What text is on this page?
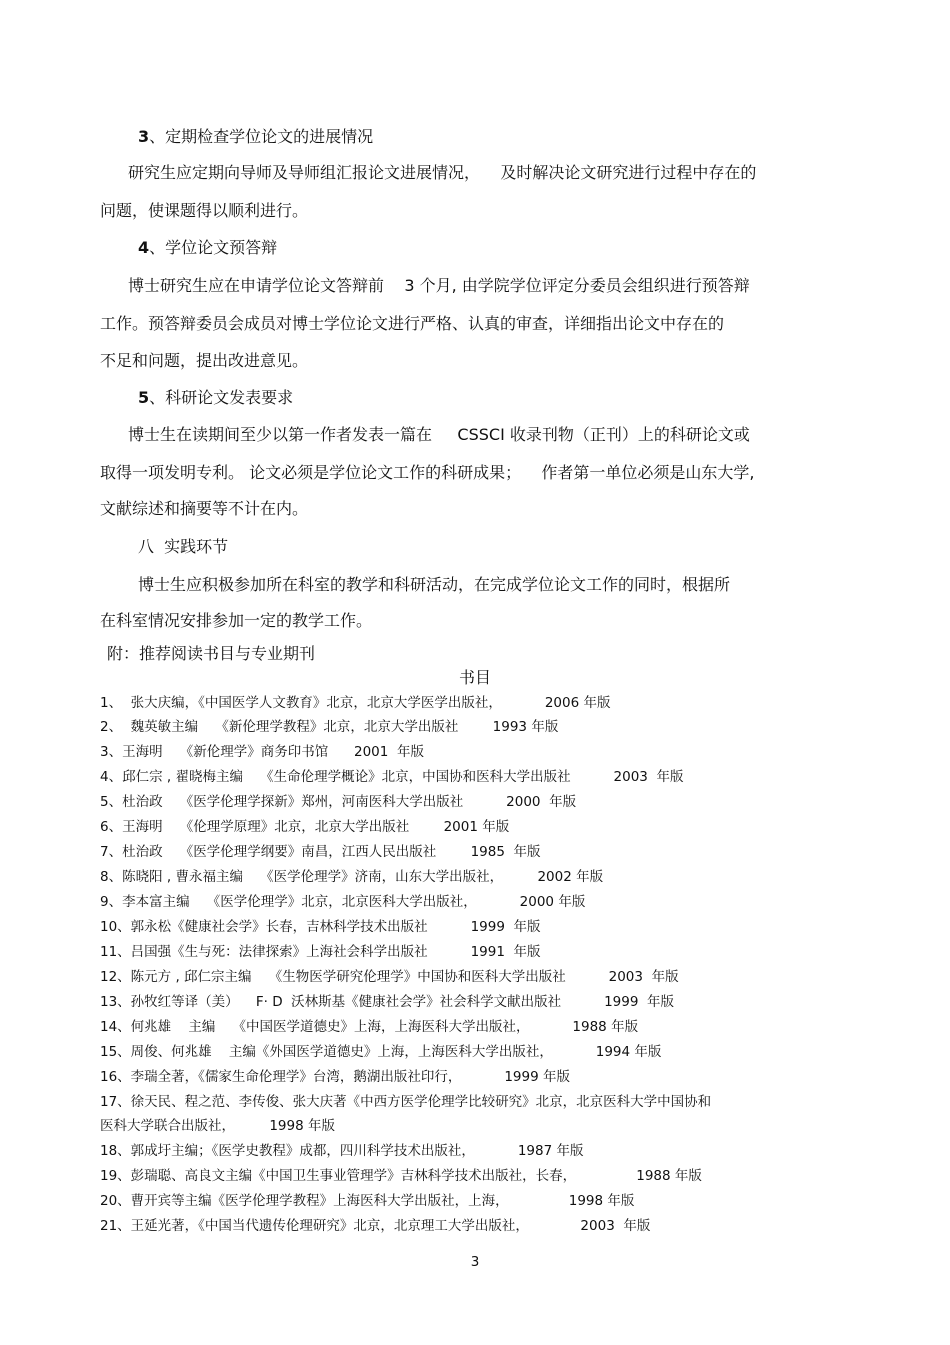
3、定期检查学位论文的进展情况
研究生应定期向导师及导师组汇报论文进展情况，    及时解决论文研究进行过程中存在的
问题，使课题得以顺利进行。
4、学位论文预答辩
博士研究生应在申请学位论文答辩前    3 个月, 由学院学位评定分委员会组织进行预答辩
工作。预答辩委员会成员对博士学位论文进行严格、认真的审查，详细指出论文中存在的
不足和问题，提出改进意见。
5、科研论文发表要求
博士生在读期间至少以第一作者发表一篇在     CSSCI 收录刊物（正刊）上的科研论文或
取得一项发明专利。 论文必须是学位论文工作的科研成果；    作者第一单位必须是山东大学,
文献综述和摘要等不计在内。
八  实践环节
博士生应积极参加所在科室的教学和科研活动，在完成学位论文工作的同时，根据所
在科室情况安排参加一定的教学工作。
附：推荐阅读书目与专业期刊
书目
1、  张大庆编，《中国医学人文教育》北京，北京大学医学出版社，          2006 年版
2、  魏英敏主编    《新伦理学教程》北京，北京大学出版社        1993 年版
3、王海明    《新伦理学》商务印书馆      2001  年版
4、邱仁宗 , 翟晓梅主编    《生命伦理学概论》北京，中国协和医科大学出版社          2003  年版
5、杜治政    《医学伦理学探新》郑州，河南医科大学出版社          2000  年版
6、王海明    《伦理学原理》北京，北京大学出版社        2001 年版
7、杜治政    《医学伦理学纲要》南昌，江西人民出版社        1985  年版
8、陈晓阳 , 曹永福主编    《医学伦理学》济南，山东大学出版社，        2002 年版
9、李本富主编    《医学伦理学》北京，北京医科大学出版社，          2000 年版
10、郭永松《健康社会学》长春，吉林科学技术出版社          1999  年版
11、吕国强《生与死：法律探索》上海社会科学出版社          1991  年版
12、陈元方 , 邱仁宗主编    《生物医学研究伦理学》中国协和医科大学出版社          2003  年版
13、孙牧红等译（美）    F· D  沃林斯基《健康社会学》社会科学文献出版社          1999  年版
14、何兆雄    主编    《中国医学道德史》上海，上海医科大学出版社，          1988 年版
15、周俊、何兆雄    主编《外国医学道德史》上海，上海医科大学出版社，          1994 年版
16、李瑞全著，《儒家生命伦理学》台湾，鹅湖出版社印行，          1999 年版
17、徐天民、程之范、李传俊、张大庆著《中西方医学伦理学比较研究》北京，北京医科大学中国协和
医科大学联合出版社，        1998 年版
18、郭成圩主编；《医学史教程》成都，四川科学技术出版社，          1987 年版
19、彭瑞聪、高良文主编《中国卫生事业管理学》吉林科学技术出版社，长春，              1988 年版
20、曹开宾等主编《医学伦理学教程》上海医科大学出版社，上海，              1998 年版
21、王延光著，《中国当代遗传伦理研究》北京，北京理工大学出版社，            2003  年版
3
